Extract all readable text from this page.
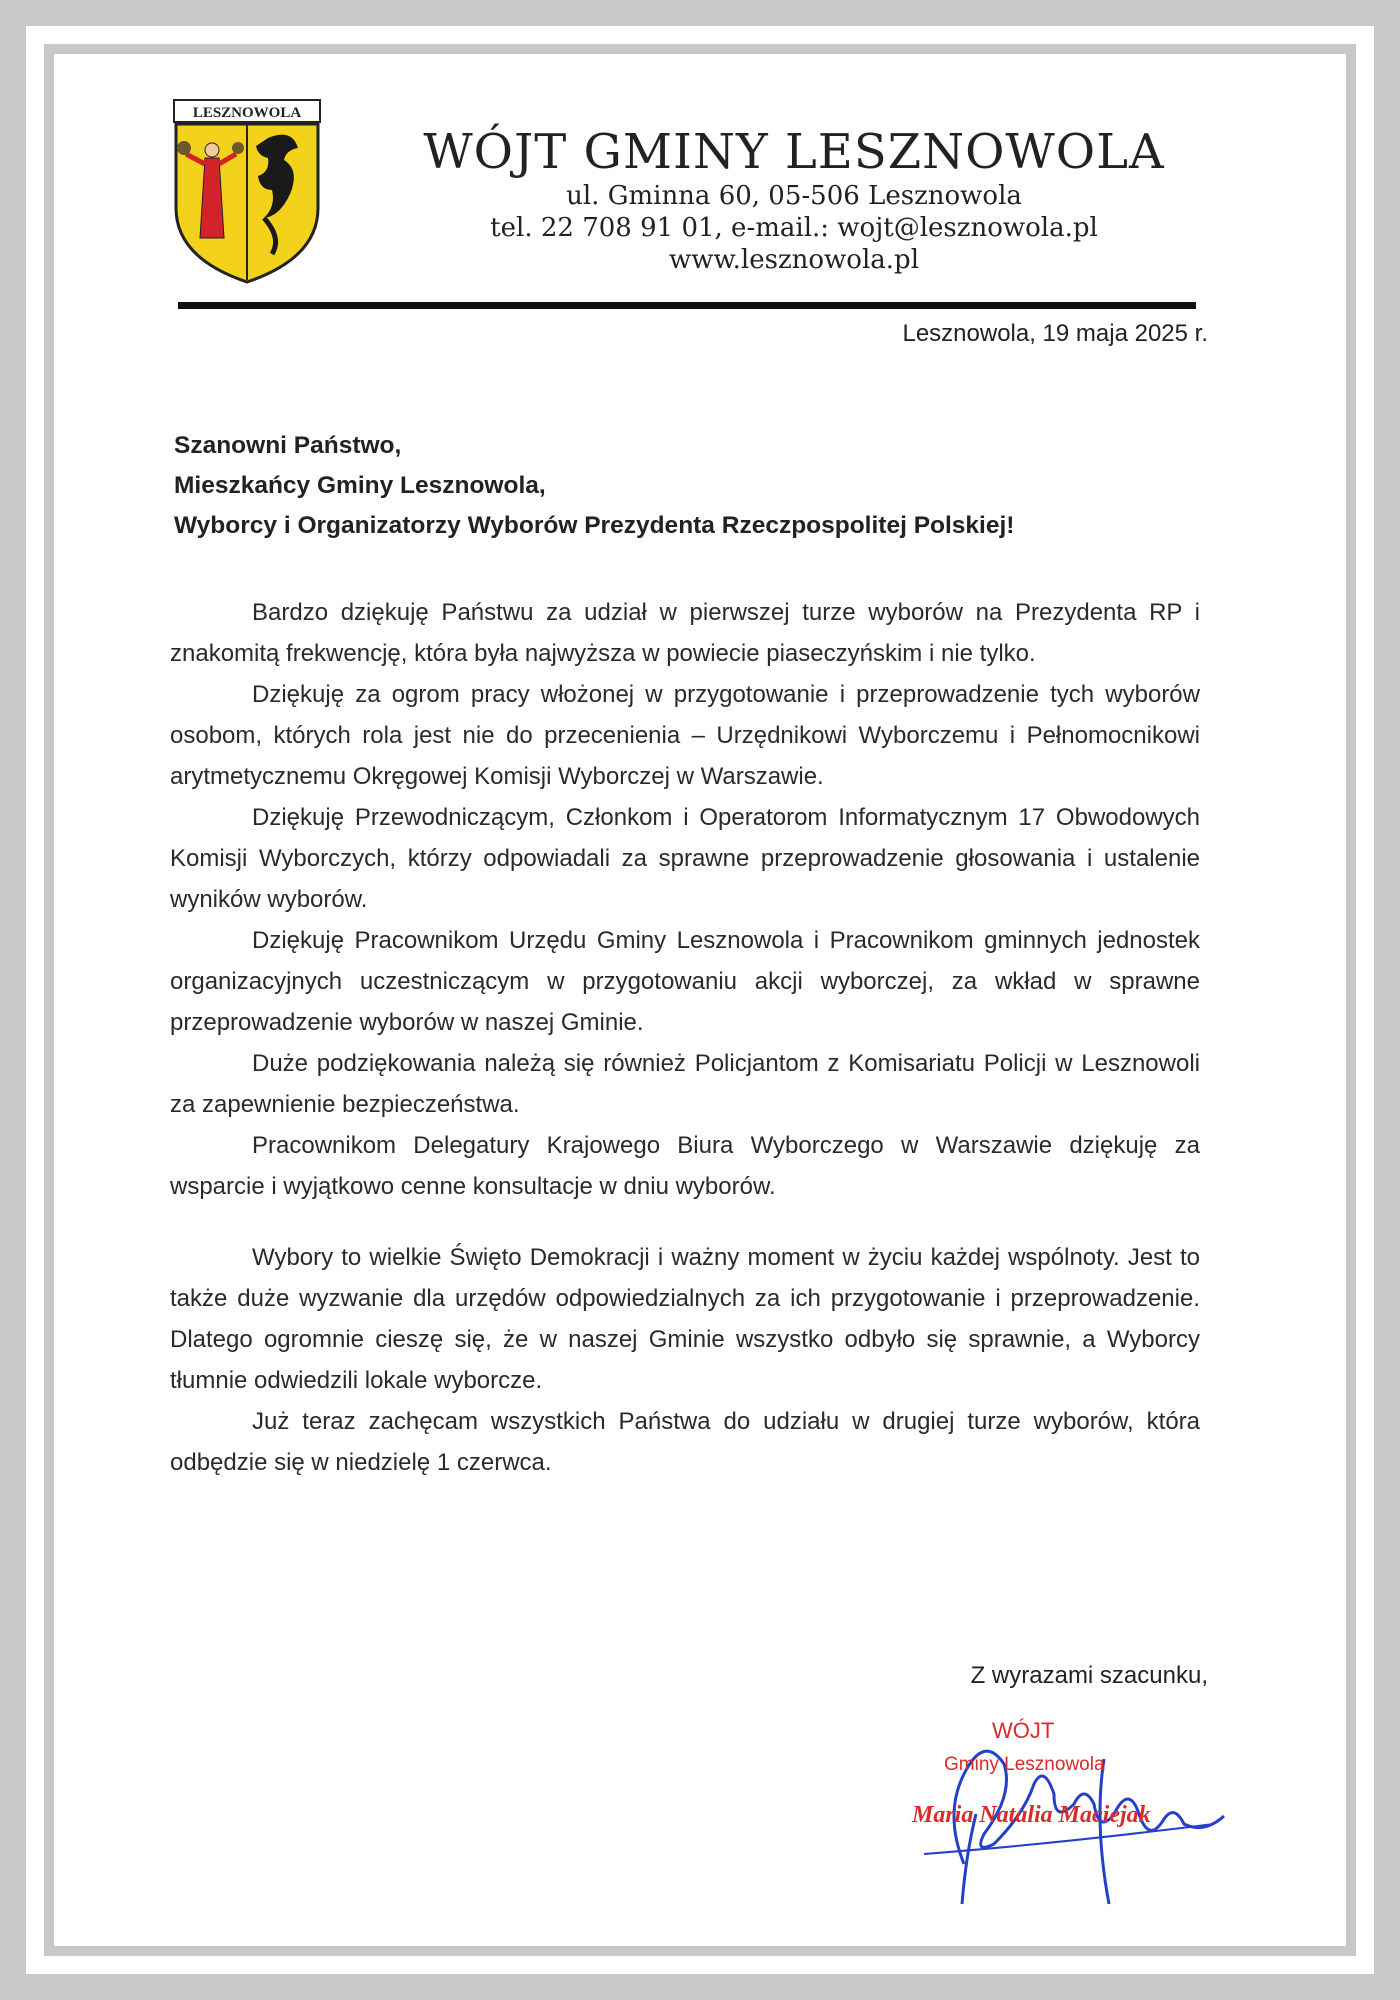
LESZNOWOLA
WÓJT GMINY LESZNOWOLA
ul. Gminna 60, 05-506 Lesznowola
tel. 22 708 91 01, e-mail.: wojt@lesznowola.pl
www.lesznowola.pl
Lesznowola, 19 maja 2025 r.
Szanowni Państwo,
Mieszkańcy Gminy Lesznowola,
Wyborcy i Organizatorzy Wyborów Prezydenta Rzeczpospolitej Polskiej!

Bardzo dziękuję Państwu za udział w pierwszej turze wyborów na Prezydenta RP i znakomitą frekwencję, która była najwyższa w powiecie piaseczyńskim i nie tylko.

Dziękuję za ogrom pracy włożonej w przygotowanie i przeprowadzenie tych wyborów osobom, których rola jest nie do przecenienia – Urzędnikowi Wyborczemu i Pełnomocnikowi arytmetycznemu Okręgowej Komisji Wyborczej w Warszawie.

Dziękuję Przewodniczącym, Członkom i Operatorom Informatycznym 17 Obwodowych Komisji Wyborczych, którzy odpowiadali za sprawne przeprowadzenie głosowania i ustalenie wyników wyborów.

Dziękuję Pracownikom Urzędu Gminy Lesznowola i Pracownikom gminnych jednostek organizacyjnych uczestniczącym w przygotowaniu akcji wyborczej, za wkład w sprawne przeprowadzenie wyborów w naszej Gminie.

Duże podziękowania należą się również Policjantom z Komisariatu Policji w Lesznowoli za zapewnienie bezpieczeństwa.

Pracownikom Delegatury Krajowego Biura Wyborczego w Warszawie dziękuję za wsparcie i wyjątkowo cenne konsultacje w dniu wyborów.

Wybory to wielkie Święto Demokracji i ważny moment w życiu każdej wspólnoty. Jest to także duże wyzwanie dla urzędów odpowiedzialnych za ich przygotowanie i przeprowadzenie. Dlatego ogromnie cieszę się, że w naszej Gminie wszystko odbyło się sprawnie, a Wyborcy tłumnie odwiedzili lokale wyborcze.

Już teraz zachęcam wszystkich Państwa do udziału w drugiej turze wyborów, która odbędzie się w niedzielę 1 czerwca.

Z wyrazami szacunku,
WÓJT
Gminy Lesznowola
Maria Natalia Maciejak
